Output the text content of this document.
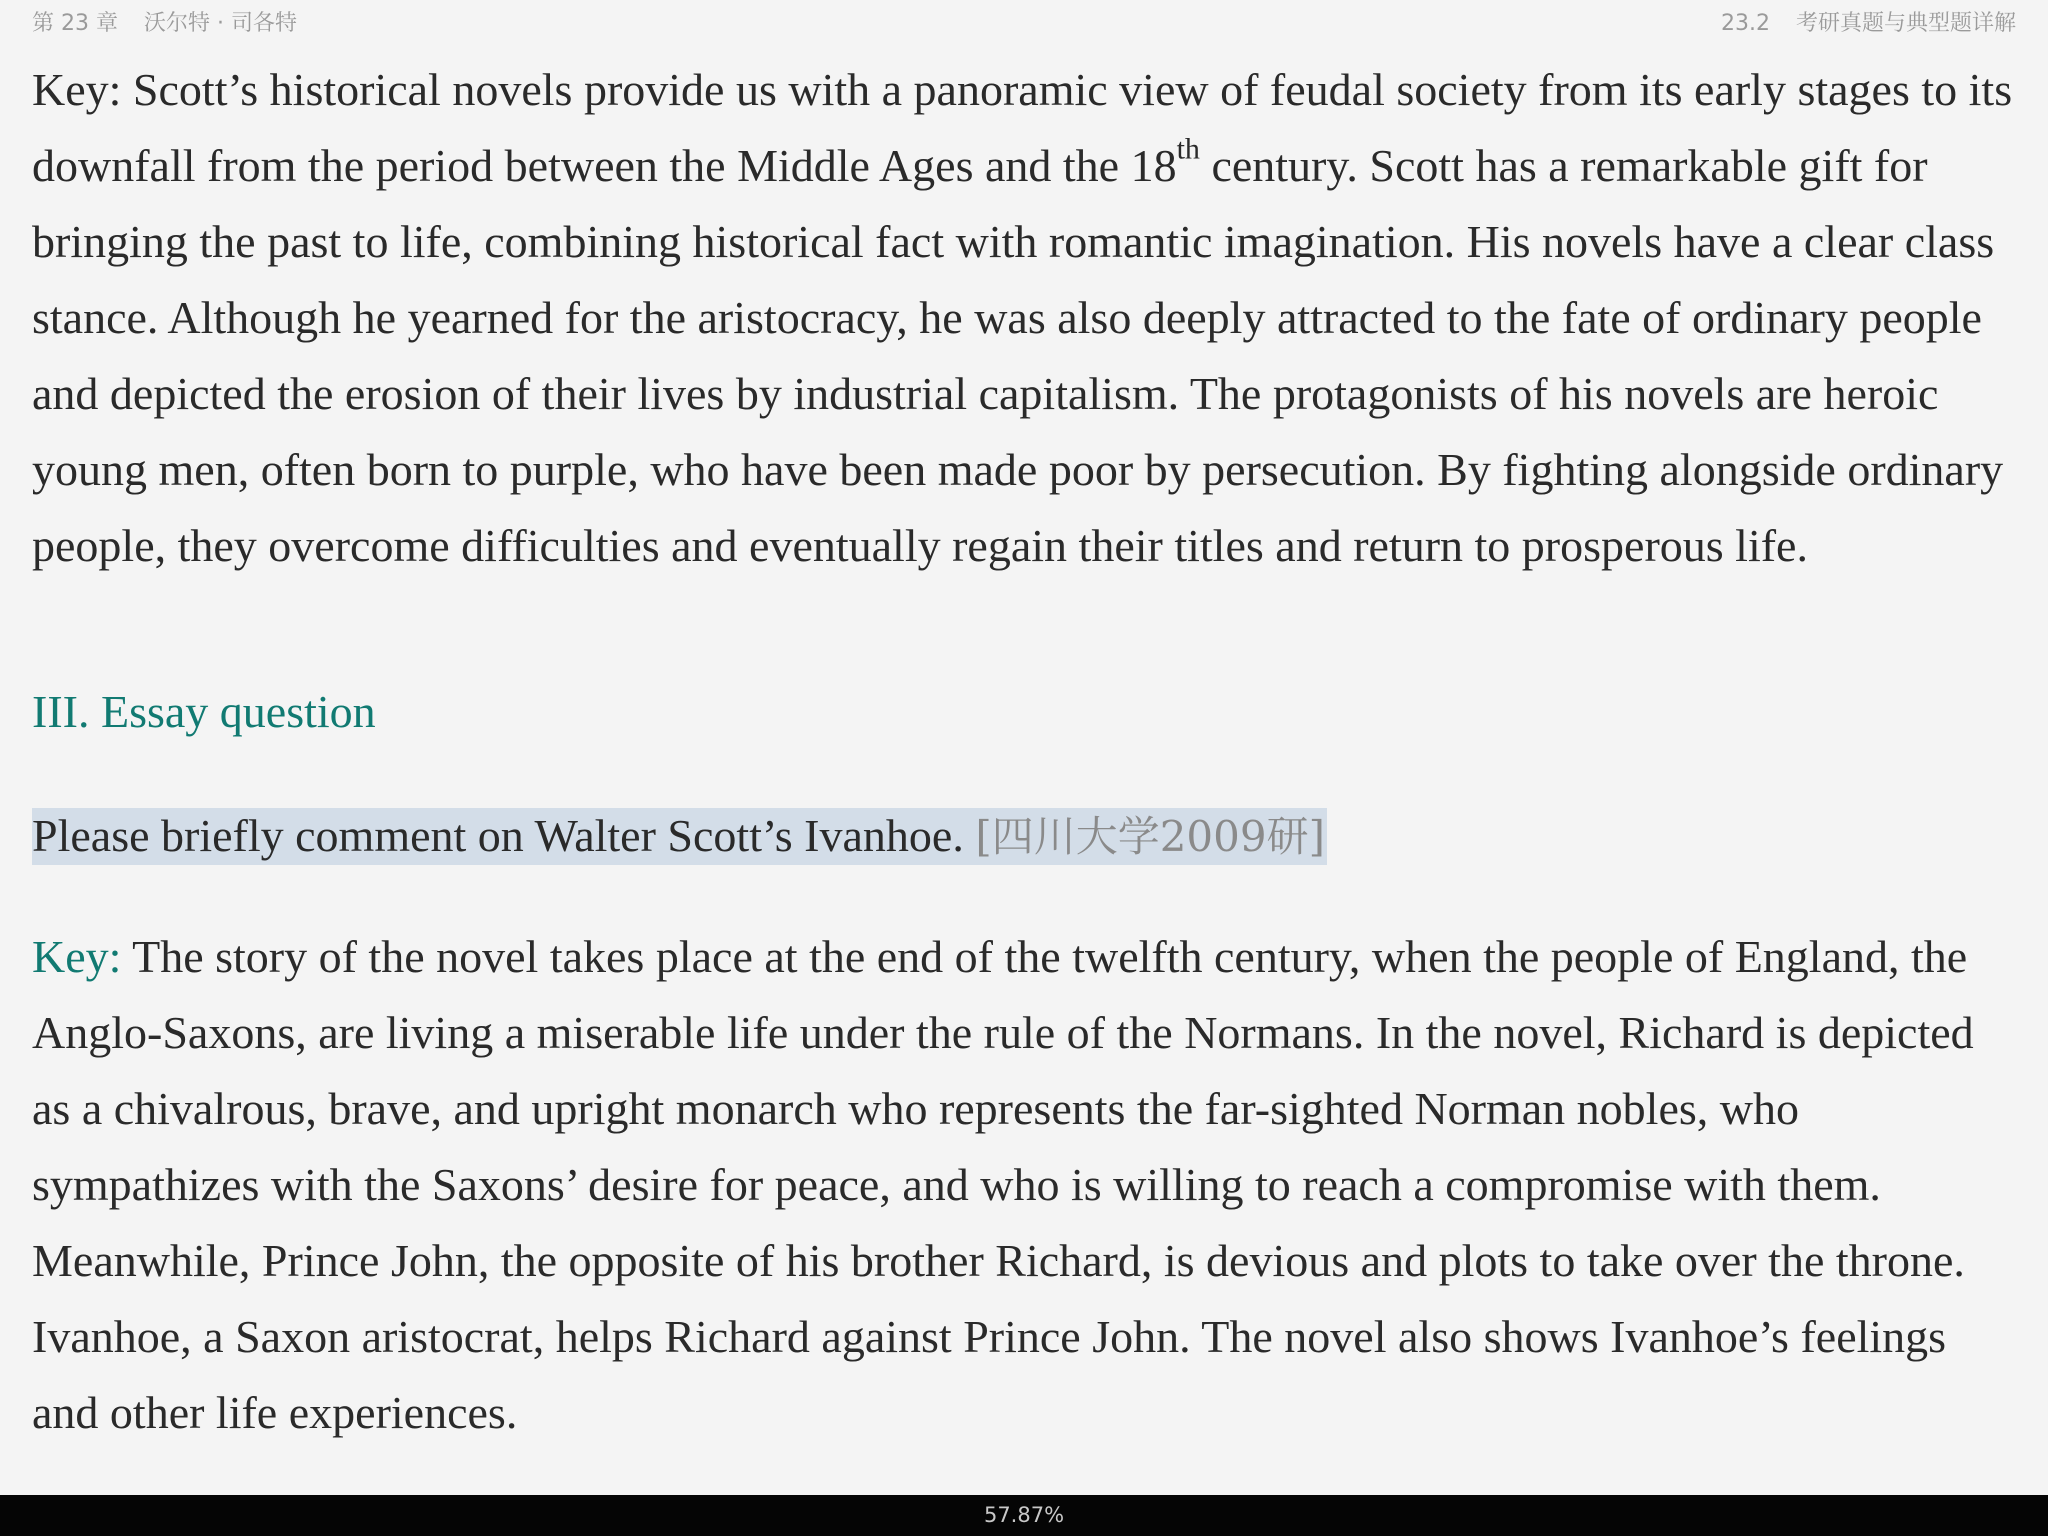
第 23 章 沃尔特 · 司各特	23.2 考研真题与典型题详解

Key: Scott’s historical novels provide us with a panoramic view of feudal society from its early stages to its downfall from the period between the Middle Ages and the 18th century. Scott has a remarkable gift for bringing the past to life, combining historical fact with romantic imagination. His novels have a clear class stance. Although he yearned for the aristocracy, he was also deeply attracted to the fate of ordinary people and depicted the erosion of their lives by industrial capitalism. The protagonists of his novels are heroic young men, often born to purple, who have been made poor by persecution. By fighting alongside ordinary people, they overcome difficulties and eventually regain their titles and return to prosperous life.

III. Essay question

Please briefly comment on Walter Scott’s Ivanhoe. [四川大学2009研]

Key: The story of the novel takes place at the end of the twelfth century, when the people of England, the Anglo-Saxons, are living a miserable life under the rule of the Normans. In the novel, Richard is depicted as a chivalrous, brave, and upright monarch who represents the far-sighted Norman nobles, who sympathizes with the Saxons’ desire for peace, and who is willing to reach a compromise with them. Meanwhile, Prince John, the opposite of his brother Richard, is devious and plots to take over the throne. Ivanhoe, a Saxon aristocrat, helps Richard against Prince John. The novel also shows Ivanhoe’s feelings and other life experiences.

57.87%
